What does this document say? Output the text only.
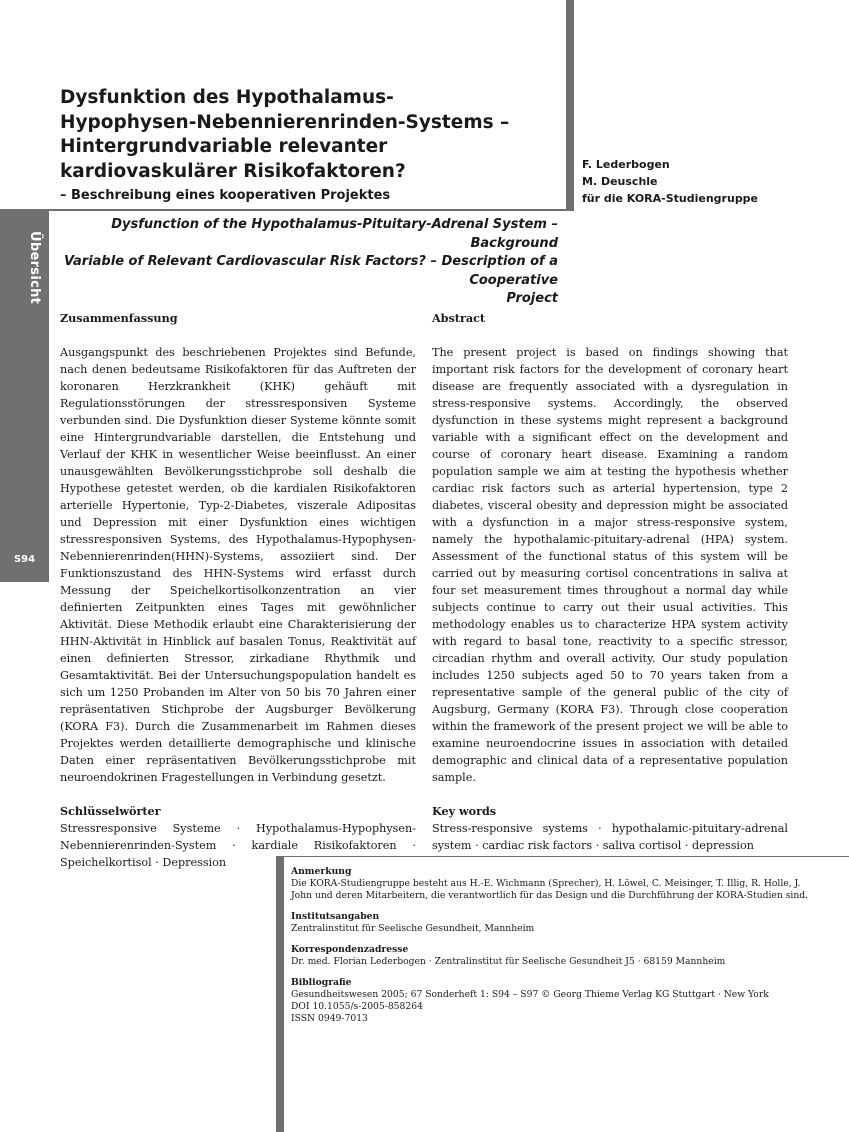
Übersicht
S94
Dysfunktion des Hypothalamus-
Hypophysen-Nebennierenrinden-Systems –
Hintergrundvariable relevanter
kardiovaskulärer Risikofaktoren?
– Beschreibung eines kooperativen Projektes
F. Lederbogen
M. Deuschle
für die KORA-Studiengruppe
Dysfunction of the Hypothalamus-Pituitary-Adrenal System – Background
Variable of Relevant Cardiovascular Risk Factors? – Description of a Cooperative
Project
Zusammenfassung

Ausgangspunkt des beschriebenen Projektes sind Befunde, nach denen bedeutsame Risikofaktoren für das Auftreten der koronaren Herzkrankheit (KHK) gehäuft mit Regulationsstörungen der stressresponsiven Systeme verbunden sind. Die Dysfunktion dieser Systeme könnte somit eine Hintergrundvariable darstellen, die Entstehung und Verlauf der KHK in wesentlicher Weise beeinflusst. An einer unausgewählten Bevölkerungsstichprobe soll deshalb die Hypothese getestet werden, ob die kardialen Risikofaktoren arterielle Hypertonie, Typ-2-Diabetes, viszerale Adipositas und Depression mit einer Dysfunktion eines wichtigen stressresponsiven Systems, des Hypothalamus-Hypophysen-Nebennierenrinden(HHN)-Systems, assoziiert sind. Der Funktionszustand des HHN-Systems wird erfasst durch Messung der Speichelkortisolkonzentration an vier definierten Zeitpunkten eines Tages mit gewöhnlicher Aktivität. Diese Methodik erlaubt eine Charakterisierung der HHN-Aktivität in Hinblick auf basalen Tonus, Reaktivität auf einen definierten Stressor, zirkadiane Rhythmik und Gesamtaktivität. Bei der Untersuchungspopulation handelt es sich um 1250 Probanden im Alter von 50 bis 70 Jahren einer repräsentativen Stichprobe der Augsburger Bevölkerung (KORA F3). Durch die Zusammenarbeit im Rahmen dieses Projektes werden detaillierte demographische und klinische Daten einer repräsentativen Bevölkerungsstichprobe mit neuroendokrinen Fragestellungen in Verbindung gesetzt.

Schlüsselwörter

Stressresponsive Systeme · Hypothalamus-Hypophysen-Nebennierenrinden-System · kardiale Risikofaktoren · Speichelkortisol · Depression

Abstract

The present project is based on findings showing that important risk factors for the development of coronary heart disease are frequently associated with a dysregulation in stress-responsive systems. Accordingly, the observed dysfunction in these systems might represent a background variable with a significant effect on the development and course of coronary heart disease. Examining a random population sample we aim at testing the hypothesis whether cardiac risk factors such as arterial hypertension, type 2 diabetes, visceral obesity and depression might be associated with a dysfunction in a major stress-responsive system, namely the hypothalamic-pituitary-adrenal (HPA) system. Assessment of the functional status of this system will be carried out by measuring cortisol concentrations in saliva at four set measurement times throughout a normal day while subjects continue to carry out their usual activities. This methodology enables us to characterize HPA system activity with regard to basal tone, reactivity to a specific stressor, circadian rhythm and overall activity. Our study population includes 1250 subjects aged 50 to 70 years taken from a representative sample of the general public of the city of Augsburg, Germany (KORA F3). Through close cooperation within the framework of the present project we will be able to examine neuroendocrine issues in association with detailed demographic and clinical data of a representative population sample.

Key words

Stress-responsive systems · hypothalamic-pituitary-adrenal system · cardiac risk factors · saliva cortisol · depression

Anmerkung
Die KORA-Studiengruppe besteht aus H.-E. Wichmann (Sprecher), H. Löwel, C. Meisinger, T. Illig, R. Holle, J. John und deren Mitarbeitern, die verantwortlich für das Design und die Durchführung der KORA-Studien sind.
Institutsangaben
Zentralinstitut für Seelische Gesundheit, Mannheim
Korrespondenzadresse
Dr. med. Florian Lederbogen · Zentralinstitut für Seelische Gesundheit J5 · 68159 Mannheim
Bibliografie
Gesundheitswesen 2005; 67 Sonderheft 1: S94 – S97 © Georg Thieme Verlag KG Stuttgart · New York
DOI 10.1055/s-2005-858264
ISSN 0949-7013
